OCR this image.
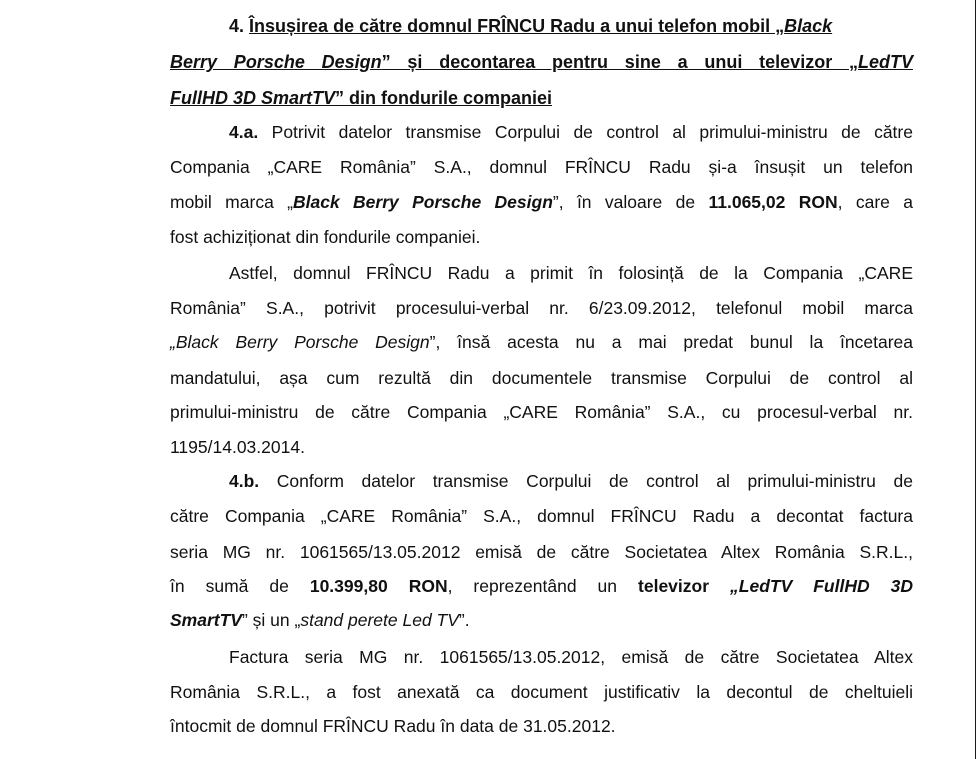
4. Însușirea de către domnul FRÎNCU Radu a unui telefon mobil „Black
Berry Porsche Design” și decontarea pentru sine a unui televizor „LedTV
FullHD 3D SmartTV” din fondurile companiei
4.a. Potrivit datelor transmise Corpului de control al primului-ministru de către
Compania „CARE România” S.A., domnul FRÎNCU Radu și-a însușit un telefon
mobil marca „Black Berry Porsche Design”, în valoare de 11.065,02 RON, care a
fost achiziționat din fondurile companiei.
Astfel, domnul FRÎNCU Radu a primit în folosință de la Compania „CARE
România” S.A., potrivit procesului-verbal nr. 6/23.09.2012, telefonul mobil marca
„Black Berry Porsche Design”, însă acesta nu a mai predat bunul la încetarea
mandatului, așa cum rezultă din documentele transmise Corpului de control al
primului-ministru de către Compania „CARE România” S.A., cu procesul-verbal nr.
1195/14.03.2014.
4.b. Conform datelor transmise Corpului de control al primului-ministru de
către Compania „CARE România” S.A., domnul FRÎNCU Radu a decontat factura
seria MG nr. 1061565/13.05.2012 emisă de către Societatea Altex România S.R.L.,
în sumă de 10.399,80 RON, reprezentând un televizor „LedTV FullHD 3D
SmartTV” și un „stand perete Led TV”.
Factura seria MG nr. 1061565/13.05.2012, emisă de către Societatea Altex
România S.R.L., a fost anexată ca document justificativ la decontul de cheltuieli
întocmit de domnul FRÎNCU Radu în data de 31.05.2012.
